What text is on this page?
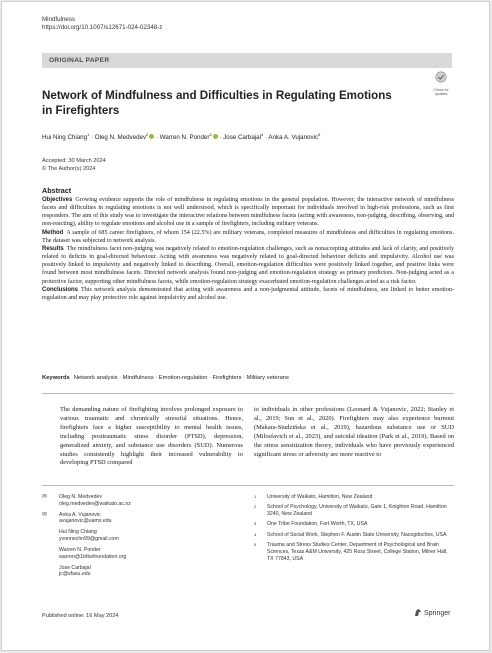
Mindfulness
https://doi.org/10.1007/s12671-024-02348-z
ORIGINAL PAPER
Check for updates
Network of Mindfulness and Difficulties in Regulating Emotions in Firefighters
Hui Ning Chiang$^1$ · Oleg N. Medvedev$^2$ · Warren N. Ponder$^3$ · Jose Carbajal$^4$ · Anka A. Vujanovic$^5$
Accepted: 30 March 2024
© The Author(s) 2024
Abstract

Objectives Growing evidence supports the role of mindfulness in regulating emotions in the general population. However, the interactive network of mindfulness facets and difficulties in regulating emotions is not well understood, which is specifically important for individuals involved in high-risk professions, such as first responders. The aim of this study was to investigate the interactive relations between mindfulness facets (acting with awareness, non-judging, describing, observing, and non-reacting), ability to regulate emotions and alcohol use in a sample of firefighters, including military veterans.

Method A sample of 685 career firefighters, of whom 154 (22.5%) are military veterans, completed measures of mindfulness and difficulties in regulating emotions. The dataset was subjected to network analysis.

Results The mindfulness facet non-judging was negatively related to emotion-regulation challenges, such as nonaccepting attitudes and lack of clarity, and positively related to deficits in goal-directed behaviour. Acting with awareness was negatively related to goal-directed behaviour deficits and impulsivity. Alcohol use was positively linked to impulsivity and negatively linked to describing. Overall, emotion-regulation difficulties were positively linked together, and positive links were found between most mindfulness facets. Directed network analysis found non-judging and emotion-regulation strategy as primary predictors. Non-judging acted as a protective factor, supporting other mindfulness facets, while emotion-regulation strategy exacerbated emotion-regulation challenges acted as a risk factor.

Conclusions This network analysis demonstrated that acting with awareness and a non-judgmental attitude, facets of mindfulness, are linked to better emotion-regulation and may play protective role against impulsivity and alcohol use.

Keywords Network analysis · Mindfulness · Emotion-regulation · Firefighters · Military veterans
The demanding nature of firefighting involves prolonged exposure to various traumatic and chronically stressful situations. Hence, firefighters face a higher susceptibility to mental health issues, including posttraumatic stress disorder (PTSD), depression, generalized anxiety, and substance use disorders (SUD). Numerous studies consistently highlight their increased vulnerability to developing PTSD compared
to individuals in other professions (Leonard & Vujanovic, 2022; Stanley et al., 2019; Sun et al., 2020). Firefighters may also experience burnout (Makara-Studzińska et al., 2019), hazardous substance use or SUD (Milosfavich et al., 2023), and suicidal ideation (Park et al., 2019). Based on the stress sensitization theory, individuals who have previously experienced significant stress or adversity are more reactive to
✉ Oleg N. Medvedev
oleg.medvedev@waikato.ac.nz
✉ Anka A. Vujanovic
avujanovic@uams.edu
Hui Ning Chiang
yvonnechn99@gmail.com
Warren N. Ponder
warren@1tribefoundation.org
Jose Carbajal
jc@sfasu.edu
1 University of Waikato, Hamilton, New Zealand
2 School of Psychology, University of Waikato, Gate 1, Knighton Road, Hamilton 3240, New Zealand
3 One Tribe Foundation, Fort Worth, TX, USA
4 School of Social Work, Stephen F. Austin State University, Nacogdoches, USA
5 Trauma and Stress Studies Center, Department of Psychological and Brain Sciences, Texas A&M University, 425 Ross Street, College Station, Milner Hall, TX 77843, USA
Published online: 16 May 2024	Springer
